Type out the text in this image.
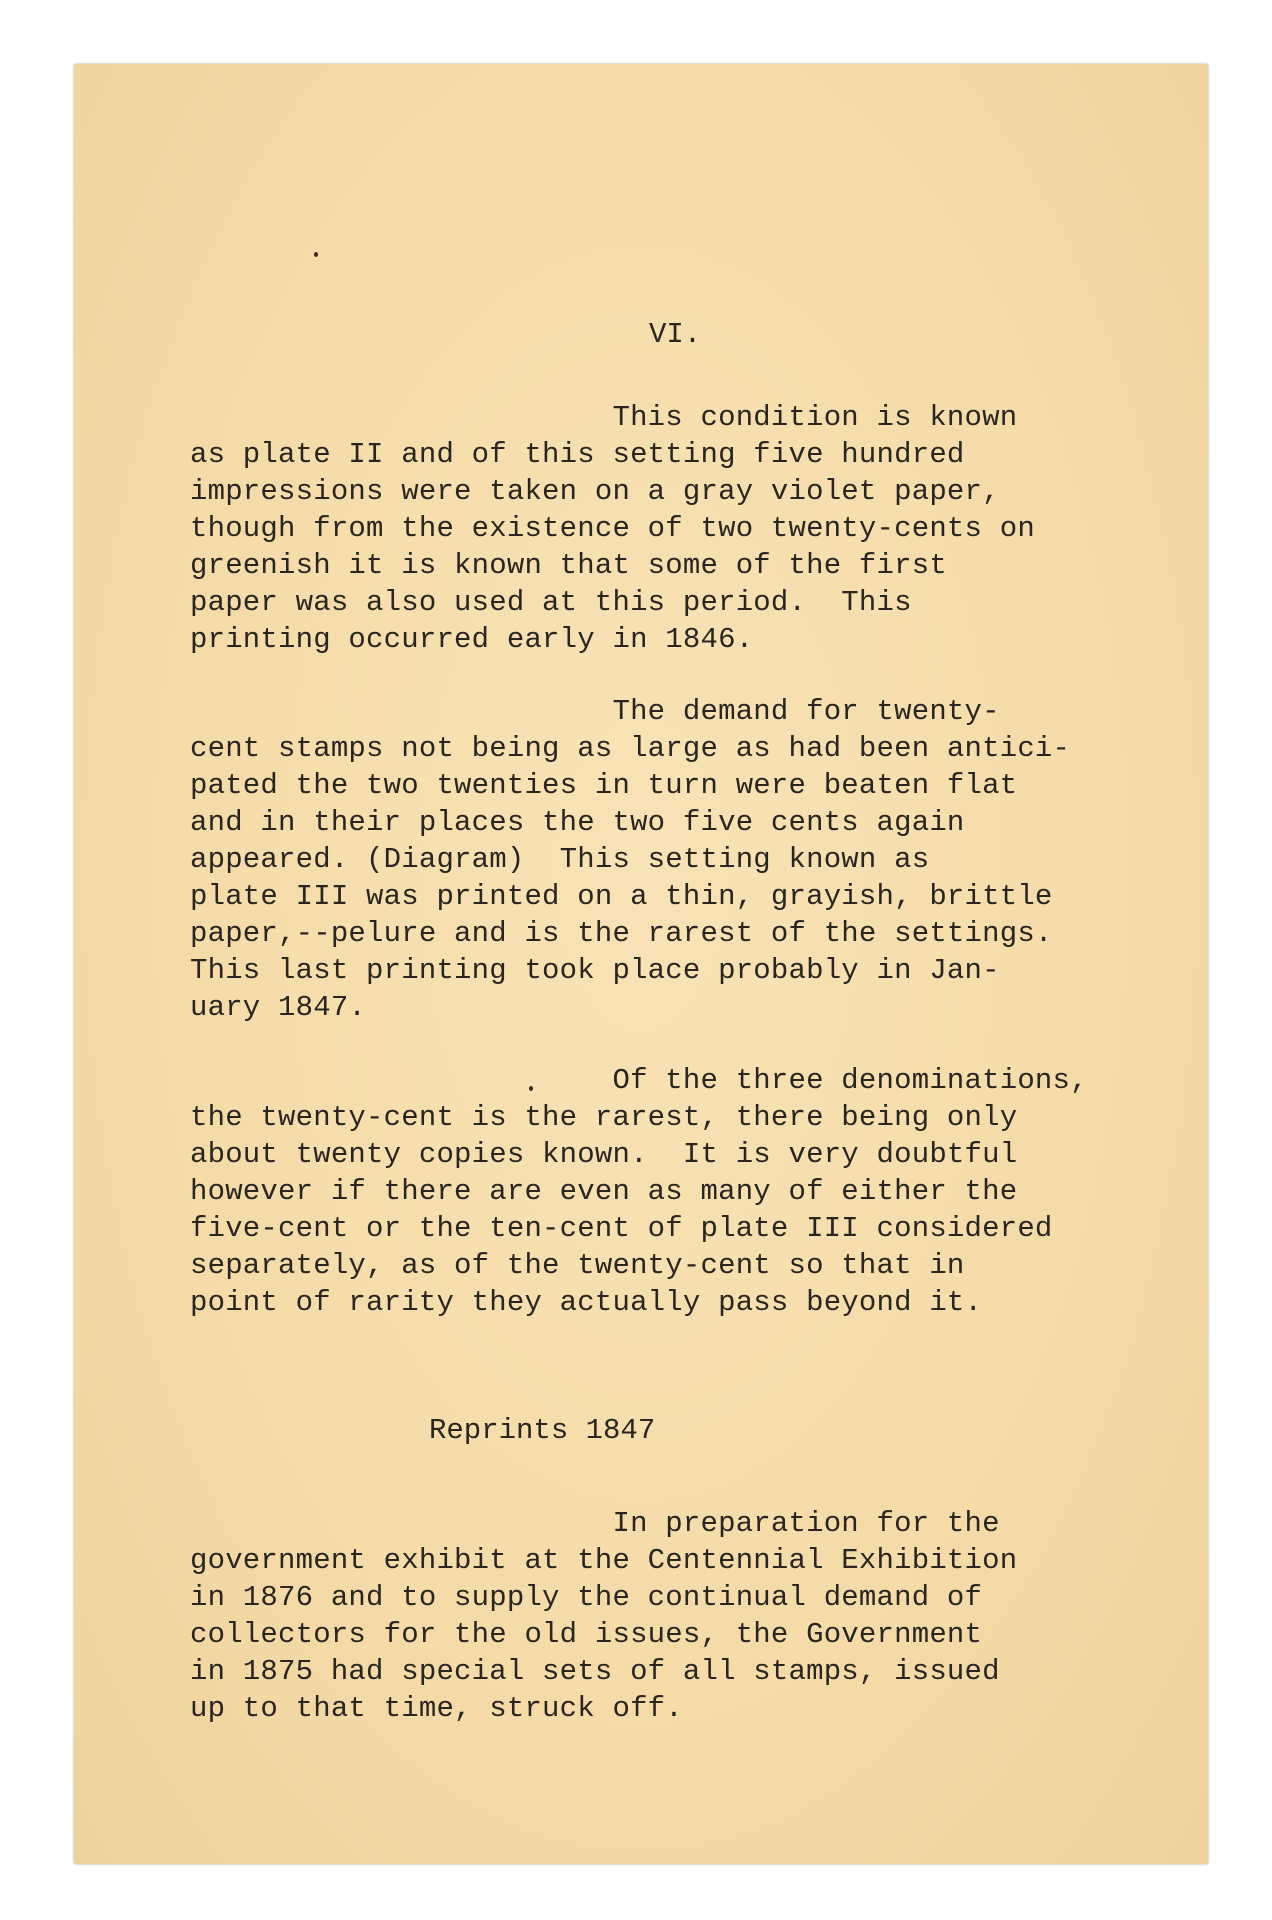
VI.
This condition is known
as plate II and of this setting five hundred
impressions were taken on a gray violet paper,
though from the existence of two twenty-cents on
greenish it is known that some of the first
paper was also used at this period.  This
printing occurred early in 1846.
The demand for twenty-
cent stamps not being as large as had been antici-
pated the two twenties in turn were beaten flat
and in their places the two five cents again
appeared. (Diagram)  This setting known as
plate III was printed on a thin, grayish, brittle
paper,--pelure and is the rarest of the settings.
This last printing took place probably in Jan-
uary 1847.
Of the three denominations,
the twenty-cent is the rarest, there being only
about twenty copies known.  It is very doubtful
however if there are even as many of either the
five-cent or the ten-cent of plate III considered
separately, as of the twenty-cent so that in
point of rarity they actually pass beyond it.
Reprints 1847
In preparation for the
government exhibit at the Centennial Exhibition
in 1876 and to supply the continual demand of
collectors for the old issues, the Government
in 1875 had special sets of all stamps, issued
up to that time, struck off.
